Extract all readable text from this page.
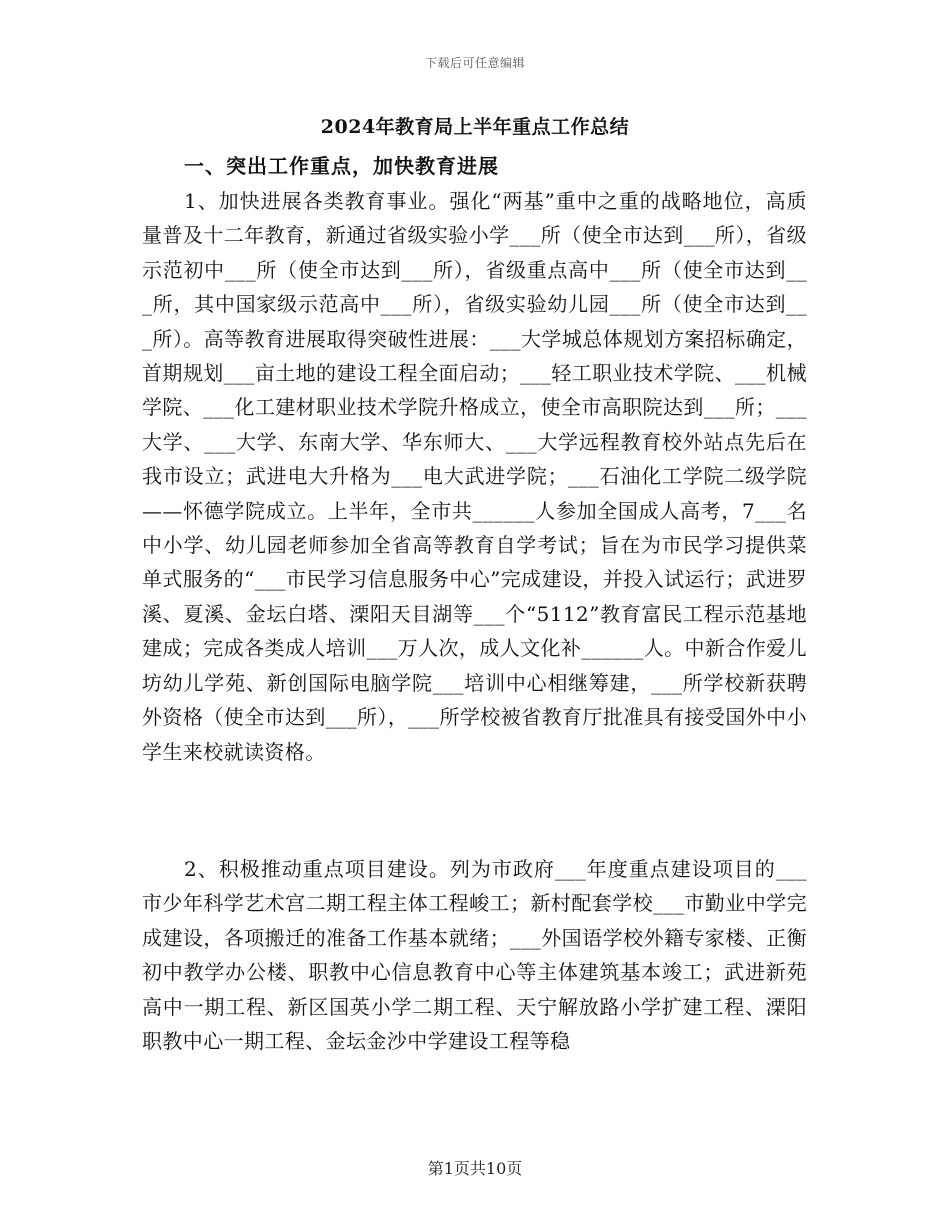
下载后可任意编辑
2024年教育局上半年重点工作总结
一、突出工作重点，加快教育进展

1、加快进展各类教育事业。强化“两基”重中之重的战略地位，高质量普及十二年教育，新通过省级实验小学___所（使全市达到___所），省级示范初中___所（使全市达到___所），省级重点高中___所（使全市达到___所，其中国家级示范高中___所），省级实验幼儿园___所（使全市达到___所）。高等教育进展取得突破性进展：___大学城总体规划方案招标确定，首期规划___亩土地的建设工程全面启动；___轻工职业技术学院、___机械学院、___化工建材职业技术学院升格成立，使全市高职院达到___所；___大学、___大学、东南大学、华东师大、___大学远程教育校外站点先后在我市设立；武进电大升格为___电大武进学院；___石油化工学院二级学院——怀德学院成立。上半年，全市共______人参加全国成人高考，7___名中小学、幼儿园老师参加全省高等教育自学考试；旨在为市民学习提供菜单式服务的“___市民学习信息服务中心”完成建设，并投入试运行；武进罗溪、夏溪、金坛白塔、溧阳天目湖等___个“5112”教育富民工程示范基地建成；完成各类成人培训___万人次，成人文化补______人。中新合作爱儿坊幼儿学苑、新创国际电脑学院___培训中心相继筹建，___所学校新获聘外资格（使全市达到___所），___所学校被省教育厅批准具有接受国外中小学生来校就读资格。

2、积极推动重点项目建设。列为市政府___年度重点建设项目的___市少年科学艺术宫二期工程主体工程峻工；新村配套学校___市勤业中学完成建设，各项搬迁的准备工作基本就绪；___外国语学校外籍专家楼、正衡初中教学办公楼、职教中心信息教育中心等主体建筑基本竣工；武进新苑高中一期工程、新区国英小学二期工程、天宁解放路小学扩建工程、溧阳职教中心一期工程、金坛金沙中学建设工程等稳

第1页共10页
